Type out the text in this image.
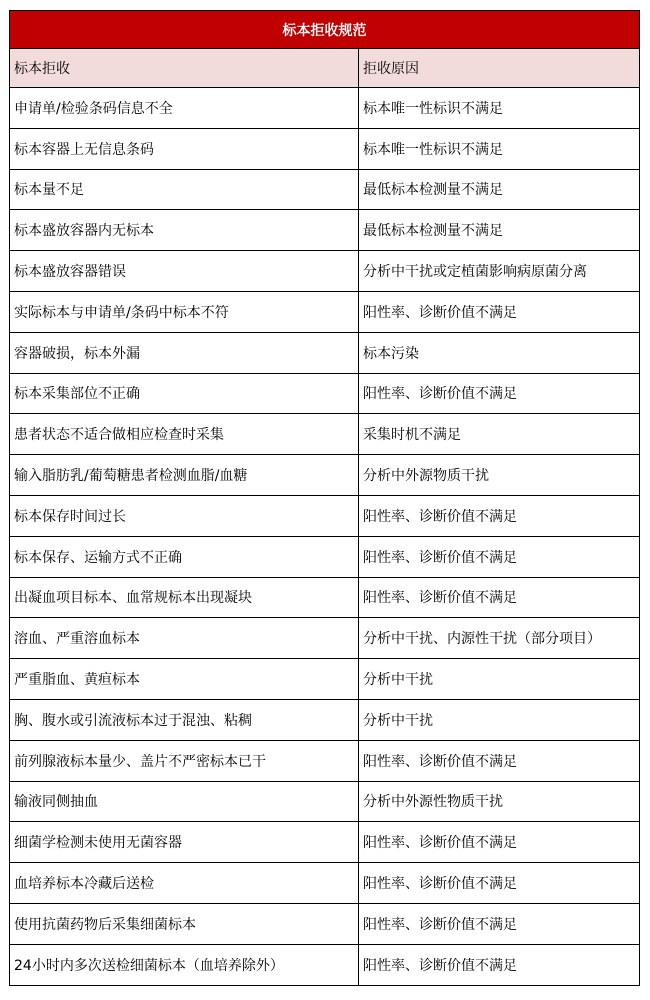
标本拒收规范	
标本拒收	拒收原因
申请单/检验条码信息不全	标本唯一性标识不满足
标本容器上无信息条码	标本唯一性标识不满足
标本量不足	最低标本检测量不满足
标本盛放容器内无标本	最低标本检测量不满足
标本盛放容器错误	分析中干扰或定植菌影响病原菌分离
实际标本与申请单/条码中标本不符	阳性率、诊断价值不满足
容器破损，标本外漏	标本污染
标本采集部位不正确	阳性率、诊断价值不满足
患者状态不适合做相应检查时采集	采集时机不满足
输入脂肪乳/葡萄糖患者检测血脂/血糖	分析中外源物质干扰
标本保存时间过长	阳性率、诊断价值不满足
标本保存、运输方式不正确	阳性率、诊断价值不满足
出凝血项目标本、血常规标本出现凝块	阳性率、诊断价值不满足
溶血、严重溶血标本	分析中干扰、内源性干扰（部分项目）
严重脂血、黄疸标本	分析中干扰
胸、腹水或引流液标本过于混浊、粘稠	分析中干扰
前列腺液标本量少、盖片不严密标本已干	阳性率、诊断价值不满足
输液同侧抽血	分析中外源性物质干扰
细菌学检测未使用无菌容器	阳性率、诊断价值不满足
血培养标本冷藏后送检	阳性率、诊断价值不满足
使用抗菌药物后采集细菌标本	阳性率、诊断价值不满足
24小时内多次送检细菌标本（血培养除外）	阳性率、诊断价值不满足
